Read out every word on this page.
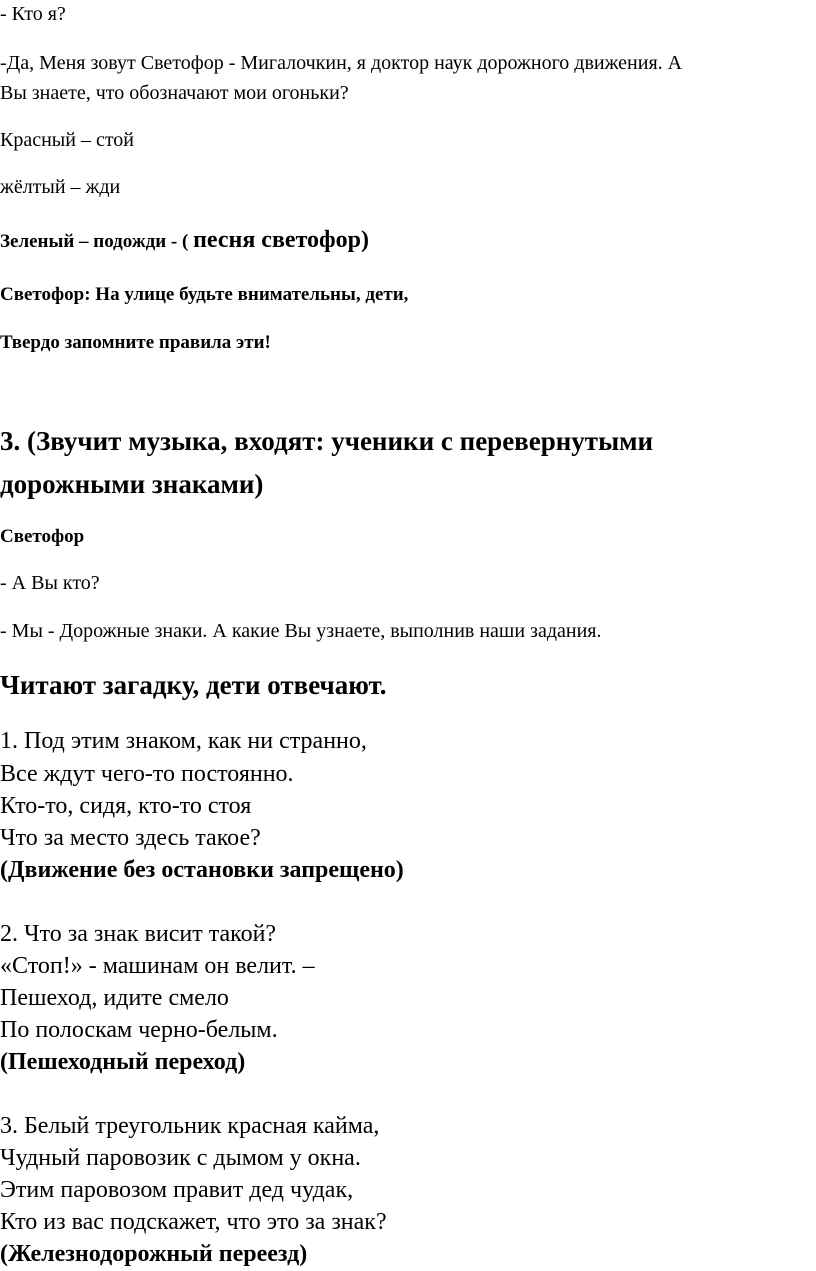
- Кто я?
-Да, Меня зовут Светофор - Мигалочкин, я доктор наук дорожного движения. А
Вы знаете, что обозначают мои огоньки?
Красный – стой
жёлтый – жди
Зеленый – подожди - ( песня светофор)
Светофор: На улице будьте внимательны, дети,
Твердо запомните правила эти!
3. (Звучит музыка, входят: ученики с перевернутыми
дорожными знаками)
Светофор
- А Вы кто?
- Мы - Дорожные знаки. А какие Вы узнаете, выполнив наши задания.
Читают загадку, дети отвечают.
1. Под этим знаком, как ни странно,
Все ждут чего-то постоянно.
Кто-то, сидя, кто-то стоя
Что за место здесь такое?
(Движение без остановки запрещено)
2. Что за знак висит такой?
«Стоп!» - машинам он велит. –
Пешеход, идите смело
По полоскам черно-белым.
(Пешеходный переход)
3. Белый треугольник красная кайма,
Чудный паровозик с дымом у окна.
Этим паровозом правит дед чудак,
Кто из вас подскажет, что это за знак?
(Железнодорожный переезд)
